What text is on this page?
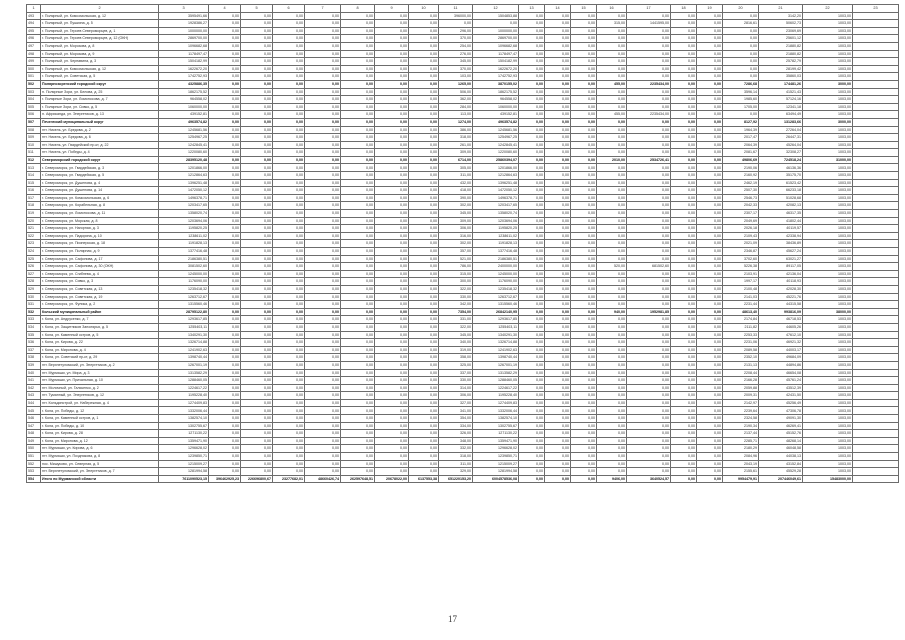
1	2	3	4	5	6	7	8	9	10	11	12	13	14	15	16	17	18	19	20	21	22	23
493	г. Полярный, ул. Комсомольская, д. 12	3595491,66	0,00	0,00	0,00	0,00	0,00	0,00	0,00	396000,00	1504853,88	0,00	0,00	0,00	0,00	0,00	0,00	0,00	0,00	3142,20	1003,00	
494	г. Полярный, ул. Пушкина, д. 5	1928386,27	0,00	0,00	0,00	0,00	0,00	0,00	0,00	0,00	0,00	0,00	0,00	0,00	315,00	1441595,00	0,00	0,00	2816,61	50602,73	1003,00	
495	г. Полярный, ул. Героев Североморцев, д. 1	1000000,00	0,00	0,00	0,00	0,00	0,00	0,00	0,00	296,00	1000000,00	0,00	0,00	0,00	0,00	0,00	0,00	0,00	0,00	23069,69	1003,00	
496	г. Полярный, ул. Героев Североморцев, д. 12 (ОКН)	2869700,00	0,00	0,00	0,00	0,00	0,00	0,00	0,00	370,00	2869700,00	0,00	0,00	0,00	0,00	0,00	0,00	0,00	0,00	25601,12	1003,00	
497	г. Полярный, ул. Морозова, д. 8	1096682,68	0,00	0,00	0,00	0,00	0,00	0,00	0,00	254,00	1096682,68	0,00	0,00	0,00	0,00	0,00	0,00	0,00	0,00	21880,82	1003,00	
498	г. Полярный, ул. Морозова, д. 9	1178497,47	0,00	0,00	0,00	0,00	0,00	0,00	0,00	276,00	1178497,47	0,00	0,00	0,00	0,00	0,00	0,00	0,00	0,00	21880,82	1003,00	
499	г. Полярный, ул. Чернавина, д. 3	1504182,99	0,00	0,00	0,00	0,00	0,00	0,00	0,00	345,00	1504182,99	0,00	0,00	0,00	0,00	0,00	0,00	0,00	0,00	25782,79	1003,00	
500	г. Полярный, ул. Комсомольская, д. 12	1622672,20	0,00	0,00	0,00	0,00	0,00	0,00	0,00	370,00	1622672,20	0,00	0,00	0,00	0,00	0,00	0,00	0,00	0,00	28199,42	1003,00	
501	г. Полярный, ул. Советская, д. 5	1742752,93	0,00	0,00	0,00	0,00	0,00	0,00	0,00	103,00	1742752,93	0,00	0,00	0,00	0,00	0,00	0,00	0,00	0,00	35860,03	1003,00	
502	Полярнозоренский городской округ	4325886,35	0,00	0,00	0,00	0,00	0,00	0,00	0,00	1265,00	3870155,02	0,00	0,00	0,00	455,00	2235434,00	0,00	0,00	7286,68	174481,26	3000,00	
503	п. Полярные Зори, ул. Белова, д. 25	1862175,52	0,00	0,00	0,00	0,00	0,00	0,00	0,00	506,00	1862175,52	0,00	0,00	0,00	0,00	0,00	0,00	0,00	3596,14	41521,43	1003,00	
504	г. Полярные Зори, ул. Ломоносова, д. 7	964558,02	0,00	0,00	0,00	0,00	0,00	0,00	0,00	362,00	964558,02	0,00	0,00	0,00	0,00	0,00	0,00	0,00	1985,60	57124,16	1003,00	
505	г. Полярные Зори, ул. Сивко, д. 5	1060000,00	0,00	0,00	0,00	0,00	0,00	0,00	0,00	284,00	1060000,00	0,00	0,00	0,00	0,00	0,00	0,00	0,00	1705,00	12341,18	1003,00	
506	п. Африканда, ул. Энергетиков, д. 13	439152,81	0,00	0,00	0,00	0,00	0,00	0,00	0,00	113,00	439152,81	0,00	0,00	0,00	455,00	2235434,00	0,00	0,00	0,00	63494,49	1003,00	
507	Печенгский муниципальный округ	4963574,82	0,00	0,00	0,00	0,00	0,00	0,00	0,00	1274,00	4963574,82	0,00	0,00	0,00	0,00	0,00	0,00	0,00	8127,92	131283,66	3000,00	
508	пгт. Никель, ул. Бредова, д. 2	1245681,56	0,00	0,00	0,00	0,00	0,00	0,00	0,00	386,00	1245681,56	0,00	0,00	0,00	0,00	0,00	0,00	0,00	1964,39	27264,04	1003,00	
509	пгт. Никель, ул. Бредова, д. 6	1254967,25	0,00	0,00	0,00	0,00	0,00	0,00	0,00	318,00	1254967,25	0,00	0,00	0,00	0,00	0,00	0,00	0,00	2017,47	26447,31	1003,00	
510	пгт. Никель, ул. Гвардейский пр-кт, д. 22	1242845,41	0,00	0,00	0,00	0,00	0,00	0,00	0,00	261,00	1242845,41	0,00	0,00	0,00	0,00	0,00	0,00	0,00	2064,39	45264,04	1003,00	
511	пгт. Никель, ул. Победы, д. 4	1220080,60	0,00	0,00	0,00	0,00	0,00	0,00	0,00	309,00	1220080,60	0,00	0,00	0,00	0,00	0,00	0,00	0,00	2081,67	32308,27	1003,00	
512	Североморский городской округ	28395120,48	0,00	0,00	0,00	0,00	0,00	0,00	0,00	6714,00	25860394,07	0,00	0,00	0,00	2010,00	2534726,41	0,00	0,00	49806,69	724518,24	31000,00	
513	г. Североморск, ул. Гвардейская, д. 3	1201866,00	0,00	0,00	0,00	0,00	0,00	0,00	0,00	305,00	1201866,00	0,00	0,00	0,00	0,00	0,00	0,00	0,00	2190,06	46136,36	1003,00	
514	г. Североморск, ул. Гвардейская, д. 5	1212864,63	0,00	0,00	0,00	0,00	0,00	0,00	0,00	311,00	1212864,63	0,00	0,00	0,00	0,00	0,00	0,00	0,00	2160,92	35175,70	1003,00	
515	г. Североморск, ул. Душенова, д. 4	1396251,48	0,00	0,00	0,00	0,00	0,00	0,00	0,00	432,00	1396251,48	0,00	0,00	0,00	0,00	0,00	0,00	0,00	2462,19	61523,42	1003,00	
516	г. Североморск, ул. Душенова, д. 14	1472050,12	0,00	0,00	0,00	0,00	0,00	0,00	0,00	418,00	1472050,12	0,00	0,00	0,00	0,00	0,00	0,00	0,00	2507,30	66233,18	1003,00	
517	г. Североморск, ул. Комсомольская, д. 6	1496378,71	0,00	0,00	0,00	0,00	0,00	0,00	0,00	390,00	1496378,71	0,00	0,00	0,00	0,00	0,00	0,00	0,00	2546,73	51028,68	1003,00	
518	г. Североморск, ул. Корабельная, д. 8	1203417,65	0,00	0,00	0,00	0,00	0,00	0,00	0,00	302,00	1203417,65	0,00	0,00	0,00	0,00	0,00	0,00	0,00	2042,33	42082,13	1003,00	
519	г. Североморск, ул. Ломоносова, д. 11	1358020,74	0,00	0,00	0,00	0,00	0,00	0,00	0,00	345,00	1358020,74	0,00	0,00	0,00	0,00	0,00	0,00	0,00	2307,17	46317,35	1003,00	
520	г. Североморск, ул. Морская, д. 8	1203694,06	0,00	0,00	0,00	0,00	0,00	0,00	0,00	309,00	1203694,06	0,00	0,00	0,00	0,00	0,00	0,00	0,00	2049,69	41802,44	1003,00	
521	г. Североморск, ул. Нагорная, д. 3	1195820,25	0,00	0,00	0,00	0,00	0,00	0,00	0,00	306,00	1195820,25	0,00	0,00	0,00	0,00	0,00	0,00	0,00	2026,18	40119,57	1003,00	
522	г. Североморск, ул. Падорина, д. 10	1238611,02	0,00	0,00	0,00	0,00	0,00	0,00	0,00	316,00	1238611,02	0,00	0,00	0,00	0,00	0,00	0,00	0,00	2109,43	42338,94	1003,00	
523	г. Североморск, ул. Пионерская, д. 18	1191828,13	0,00	0,00	0,00	0,00	0,00	0,00	0,00	302,00	1191828,13	0,00	0,00	0,00	0,00	0,00	0,00	0,00	2021,09	38436,89	1003,00	
524	г. Североморск, ул. Полярная, д. 9	1377416,48	0,00	0,00	0,00	0,00	0,00	0,00	0,00	357,00	1377416,48	0,00	0,00	0,00	0,00	0,00	0,00	0,00	2346,87	45627,24	1003,00	
525	г. Североморск, ул. Сафонова, д. 17	2186380,51	0,00	0,00	0,00	0,00	0,00	0,00	0,00	521,00	2186380,51	0,00	0,00	0,00	0,00	0,00	0,00	0,00	3702,60	63021,27	1003,00	
526	г. Североморск, ул. Сафонова, д. 30 (ОКН)	3081502,60	0,00	0,00	0,00	0,00	0,00	0,00	0,00	786,00	2400000,00	0,00	0,00	0,00	520,00	681502,60	0,00	0,00	5226,38	89117,05	1003,00	
527	г. Североморск, ул. Сгибнева, д. 4	1245000,00	0,00	0,00	0,00	0,00	0,00	0,00	0,00	315,00	1245000,00	0,00	0,00	0,00	0,00	0,00	0,00	0,00	2103,91	42136,04	1003,00	
528	г. Североморск, ул. Сивко, д. 3	1176090,00	0,00	0,00	0,00	0,00	0,00	0,00	0,00	300,00	1176090,00	0,00	0,00	0,00	0,00	0,00	0,00	0,00	1997,17	40118,93	1003,00	
529	г. Североморск, ул. Советская, д. 13	1235418,32	0,00	0,00	0,00	0,00	0,00	0,00	0,00	322,00	1235418,32	0,00	0,00	0,00	0,00	0,00	0,00	0,00	2100,48	42028,30	1003,00	
530	г. Североморск, ул. Советская, д. 19	1263712,67	0,00	0,00	0,00	0,00	0,00	0,00	0,00	330,00	1263712,67	0,00	0,00	0,00	0,00	0,00	0,00	0,00	2141,03	45221,76	1003,00	
531	г. Североморск, ул. Фулика, д. 2	1315560,46	0,00	0,00	0,00	0,00	0,00	0,00	0,00	342,00	1315560,46	0,00	0,00	0,00	0,00	0,00	0,00	0,00	2231,44	44315,58	1003,00	
532	Кольский муниципальный район	28795122,80	0,00	0,00	0,00	0,00	0,00	0,00	0,00	7354,00	26842140,95	0,00	0,00	0,00	940,00	1952981,85	0,00	0,00	48613,40	993816,09	38000,00	
533	г. Кола, ул. Андрусенко, д. 7	1293617,85	0,00	0,00	0,00	0,00	0,00	0,00	0,00	331,00	1293617,85	0,00	0,00	0,00	0,00	0,00	0,00	0,00	2174,84	46718,53	1003,00	
534	г. Кола, ул. Защитников Заполярья, д. 5	1255403,11	0,00	0,00	0,00	0,00	0,00	0,00	0,00	322,00	1255403,11	0,00	0,00	0,00	0,00	0,00	0,00	0,00	2111,82	44605,26	1003,00	
535	г. Кола, ул. Каменный остров, д. 5	1340291,30	0,00	0,00	0,00	0,00	0,00	0,00	0,00	345,00	1340291,30	0,00	0,00	0,00	0,00	0,00	0,00	0,00	2253,33	47612,10	1003,00	
536	г. Кола, ул. Кирова, д. 22	1326714,88	0,00	0,00	0,00	0,00	0,00	0,00	0,00	340,00	1326714,88	0,00	0,00	0,00	0,00	0,00	0,00	0,00	2231,06	46921,32	1003,00	
537	г. Кола, ул. Миронова, д. 4	1241902,63	0,00	0,00	0,00	0,00	0,00	0,00	0,00	319,00	1241902,63	0,00	0,00	0,00	0,00	0,00	0,00	0,00	2089,58	44003,17	1003,00	
538	г. Кола, ул. Советский пр-кт, д. 29	1398740,44	0,00	0,00	0,00	0,00	0,00	0,00	0,00	358,00	1398740,44	0,00	0,00	0,00	0,00	0,00	0,00	0,00	2352,10	49684,09	1003,00	
539	пгт. Верхнетуломский, ул. Энергетиков, д. 2	1267001,19	0,00	0,00	0,00	0,00	0,00	0,00	0,00	325,00	1267001,19	0,00	0,00	0,00	0,00	0,00	0,00	0,00	2131,13	44894,86	1003,00	
540	пгт. Мурмаши, ул. Мира, д. 3	1313582,29	0,00	0,00	0,00	0,00	0,00	0,00	0,00	337,00	1313582,29	0,00	0,00	0,00	0,00	0,00	0,00	0,00	2208,44	46654,08	1003,00	
541	пгт. Мурмаши, ул. Причальная, д. 10	1288460,05	0,00	0,00	0,00	0,00	0,00	0,00	0,00	330,00	1288460,05	0,00	0,00	0,00	0,00	0,00	0,00	0,00	2166,28	45761,24	1003,00	
542	пгт. Молочный, ул. Гальченко, д. 2	1224617,22	0,00	0,00	0,00	0,00	0,00	0,00	0,00	314,00	1224617,22	0,00	0,00	0,00	0,00	0,00	0,00	0,00	2059,88	43512,39	1003,00	
543	пгт. Туманный, ул. Энергетиков, д. 12	1195228,40	0,00	0,00	0,00	0,00	0,00	0,00	0,00	306,00	1195228,40	0,00	0,00	0,00	0,00	0,00	0,00	0,00	2009,31	42431,50	1003,00	
544	пгт. Кильдинстрой, ул. Набережная, д. 4	1274409,83	0,00	0,00	0,00	0,00	0,00	0,00	0,00	327,00	1274409,83	0,00	0,00	0,00	0,00	0,00	0,00	0,00	2142,97	45256,49	1003,00	
545	г. Кола, ул. Победы, д. 12	1332006,44	0,00	0,00	0,00	0,00	0,00	0,00	0,00	341,00	1332006,44	0,00	0,00	0,00	0,00	0,00	0,00	0,00	2239,64	47306,78	1003,00	
546	г. Кола, ул. Каменный остров, д. 1	1382574,10	0,00	0,00	0,00	0,00	0,00	0,00	0,00	354,00	1382574,10	0,00	0,00	0,00	0,00	0,00	0,00	0,00	2324,58	49091,30	1003,00	
547	г. Кола, ул. Победы, д. 10	1302755,67	0,00	0,00	0,00	0,00	0,00	0,00	0,00	334,00	1302755,67	0,00	0,00	0,00	0,00	0,00	0,00	0,00	2190,34	46269,41	1003,00	
548	г. Кола, ул. Кирова, д. 28	1271130,22	0,00	0,00	0,00	0,00	0,00	0,00	0,00	326,00	1271130,22	0,00	0,00	0,00	0,00	0,00	0,00	0,00	2137,44	45152,76	1003,00	
549	г. Кола, ул. Миронова, д. 12	1359471,90	0,00	0,00	0,00	0,00	0,00	0,00	0,00	348,00	1359471,90	0,00	0,00	0,00	0,00	0,00	0,00	0,00	2285,71	48268,14	1003,00	
550	пгт. Мурмаши, ул. Кирова, д. 6	1296628,02	0,00	0,00	0,00	0,00	0,00	0,00	0,00	332,00	1296628,02	0,00	0,00	0,00	0,00	0,00	0,00	0,00	2180,29	46048,58	1003,00	
551	пгт. Мурмаши, ул. Позднякова, д. 8	1239850,71	0,00	0,00	0,00	0,00	0,00	0,00	0,00	318,00	1239850,71	0,00	0,00	0,00	0,00	0,00	0,00	0,00	2084,96	44038,13	1003,00	
552	пос. Мишуково, ул. Северная, д. 5	1215009,27	0,00	0,00	0,00	0,00	0,00	0,00	0,00	311,00	1215009,27	0,00	0,00	0,00	0,00	0,00	0,00	0,00	2043,19	43152,84	1003,00	
553	пгт. Верхнетуломский, ул. Энергетиков, д. 7	1281994,58	0,00	0,00	0,00	0,00	0,00	0,00	0,00	329,00	1281994,58	0,00	0,00	0,00	0,00	0,00	0,00	0,00	2155,61	45529,28	1003,00	
554	Итого по Мурманской области	7611090523,15	396462925,23	226696800,67	23277682,01	48660426,74	262597648,51	20678022,00	6137553,38	651220153,20	6004578536,08	0,00	0,00	0,00	9406,00	3640524,57	0,00	0,00	9954479,91	207446049,61	15483000,00	
17
